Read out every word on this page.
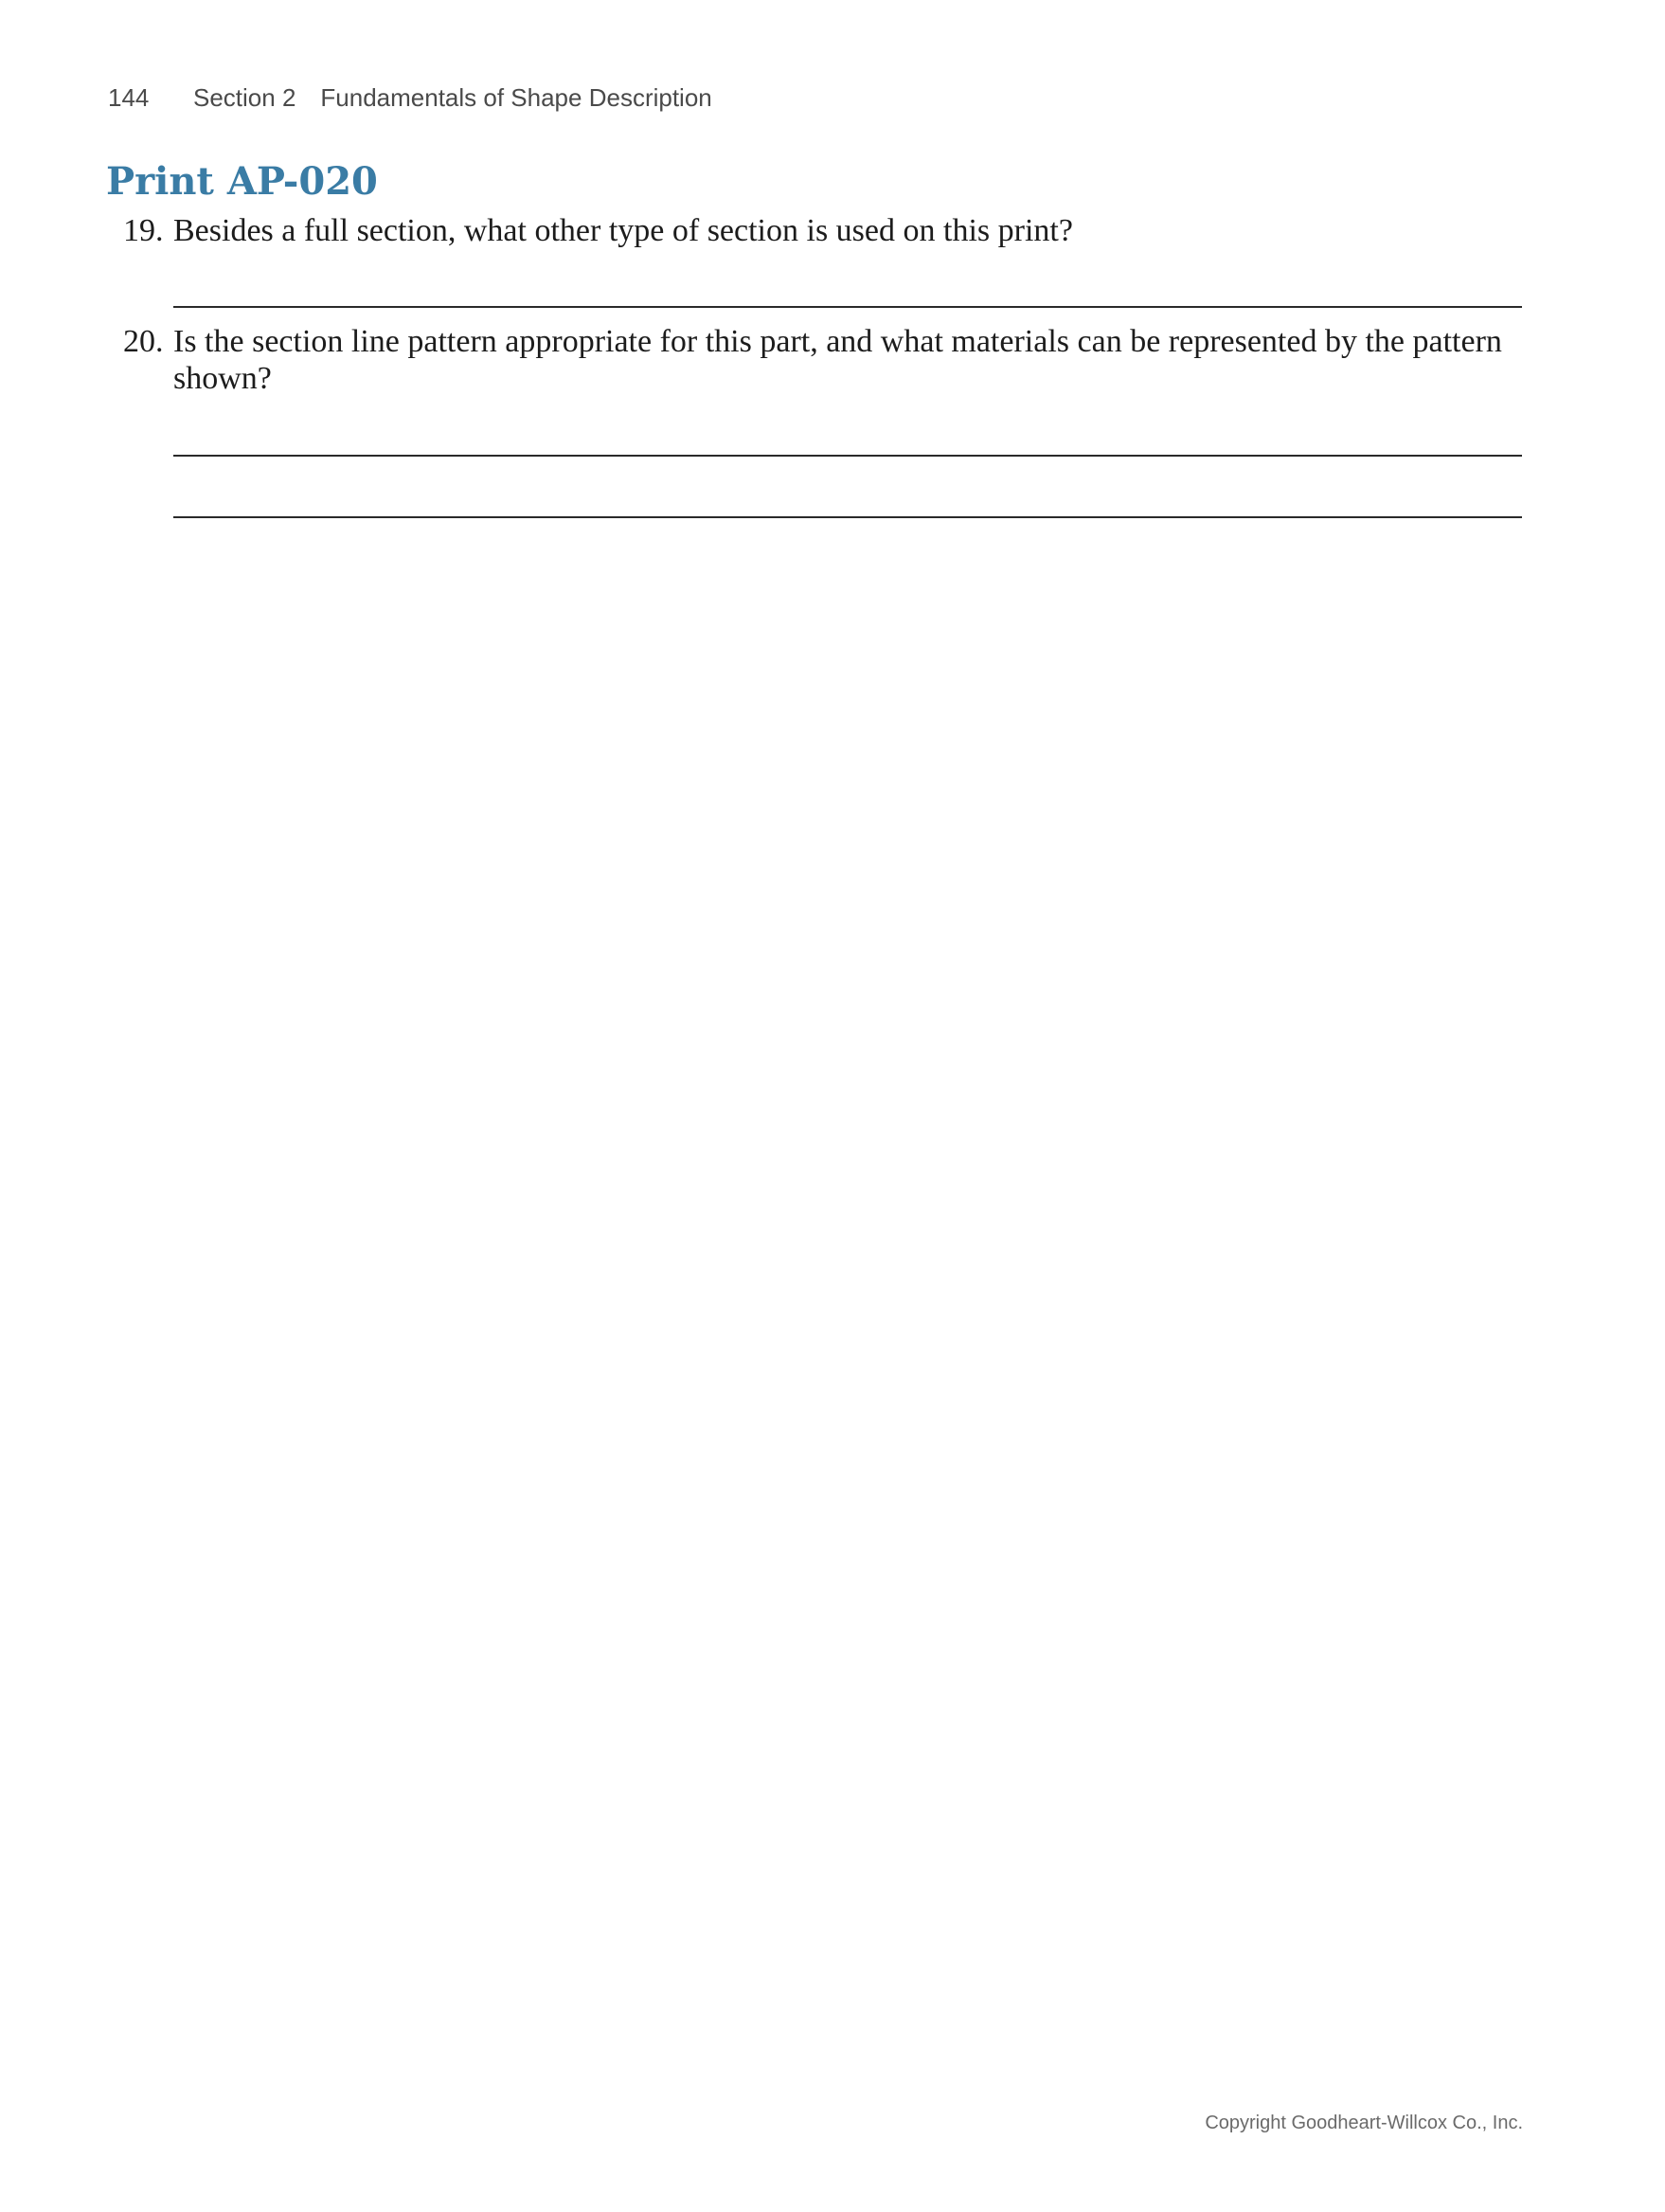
144 Section 2 Fundamentals of Shape Description
Print AP-020
19. Besides a full section, what other type of section is used on this print?
20. Is the section line pattern appropriate for this part, and what materials can be represented by the pattern shown?
Copyright Goodheart-Willcox Co., Inc.
